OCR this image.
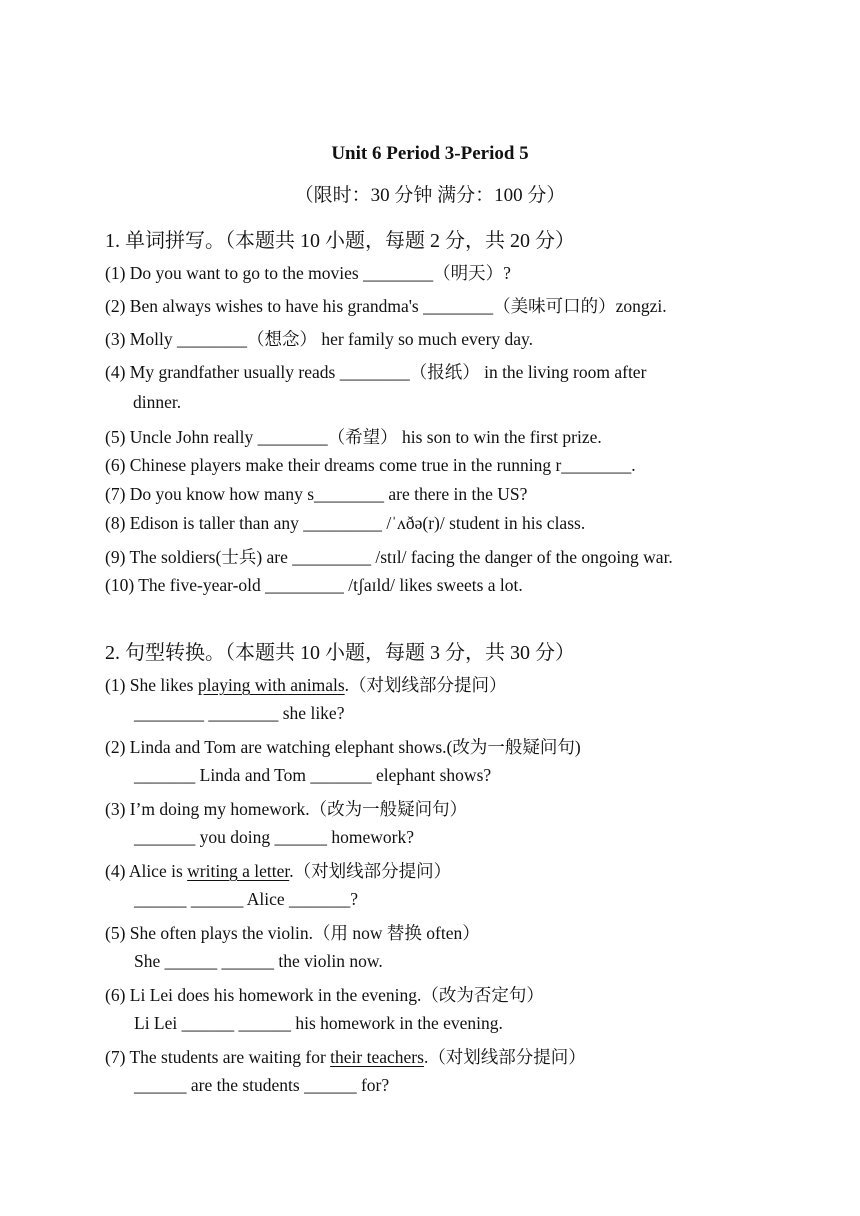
Unit 6 Period 3-Period 5
（限时：30 分钟 满分：100 分）
1. 单词拼写。（本题共 10 小题，每题 2 分，共 20 分）
(1) Do you want to go to the movies ________（明天）?
(2) Ben always wishes to have his grandma's ________（美味可口的）zongzi.
(3) Molly ________（想念） her family so much every day.
(4) My grandfather usually reads ________（报纸） in the living room after
dinner.
(5) Uncle John really ________（希望） his son to win the first prize.
(6) Chinese players make their dreams come true in the running r________.
(7) Do you know how many s________ are there in the US?
(8) Edison is taller than any _________ /ˈʌðə(r)/ student in his class.
(9) The soldiers(士兵) are _________ /stɪl/ facing the danger of the ongoing war.
(10) The five-year-old _________ /tʃaɪld/ likes sweets a lot.
2. 句型转换。（本题共 10 小题，每题 3 分，共 30 分）
(1) She likes playing with animals.（对划线部分提问）
________ ________ she like?
(2) Linda and Tom are watching elephant shows.(改为一般疑问句)
_______ Linda and Tom _______ elephant shows?
(3) I’m doing my homework.（改为一般疑问句）
_______ you doing ______ homework?
(4) Alice is writing a letter.（对划线部分提问）
______ ______ Alice _______?
(5) She often plays the violin.（用 now 替换 often）
She ______ ______ the violin now.
(6) Li Lei does his homework in the evening.（改为否定句）
Li Lei ______ ______ his homework in the evening.
(7) The students are waiting for their teachers.（对划线部分提问）
______ are the students ______ for?
